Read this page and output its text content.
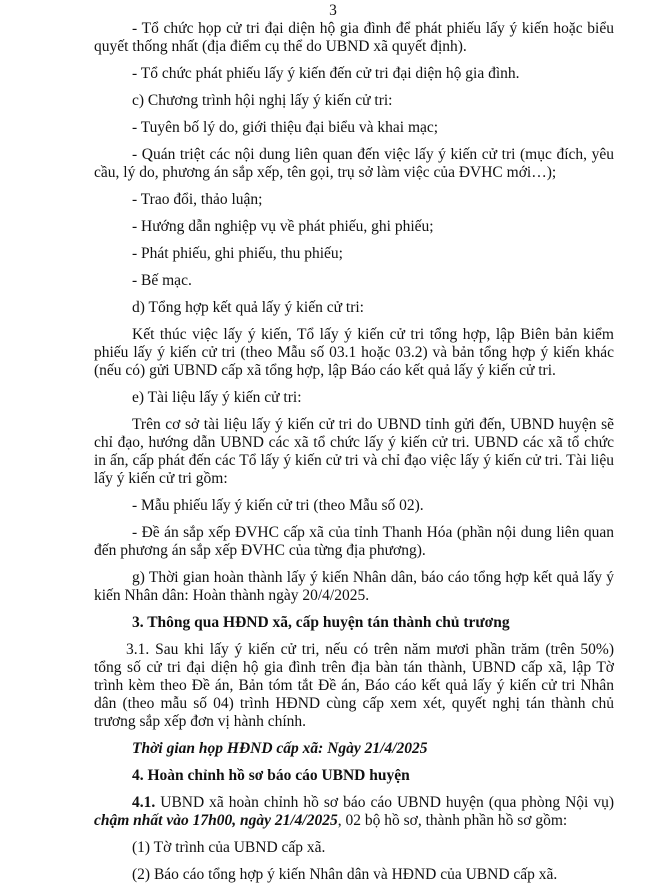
3

- Tổ chức họp cử tri đại diện hộ gia đình để phát phiếu lấy ý kiến hoặc biểu quyết thống nhất (địa điểm cụ thể do UBND xã quyết định).

- Tổ chức phát phiếu lấy ý kiến đến cử tri đại diện hộ gia đình.

c) Chương trình hội nghị lấy ý kiến cử tri:

- Tuyên bố lý do, giới thiệu đại biểu và khai mạc;

- Quán triệt các nội dung liên quan đến việc lấy ý kiến cử tri (mục đích, yêu cầu, lý do, phương án sắp xếp, tên gọi, trụ sở làm việc của ĐVHC mới…);

- Trao đổi, thảo luận;

- Hướng dẫn nghiệp vụ về phát phiếu, ghi phiếu;

- Phát phiếu, ghi phiếu, thu phiếu;

- Bế mạc.

d) Tổng hợp kết quả lấy ý kiến cử tri:

Kết thúc việc lấy ý kiến, Tổ lấy ý kiến cử tri tổng hợp, lập Biên bản kiểm phiếu lấy ý kiến cử tri (theo Mẫu số 03.1 hoặc 03.2) và bản tổng hợp ý kiến khác (nếu có) gửi UBND cấp xã tổng hợp, lập Báo cáo kết quả lấy ý kiến cử tri.

e) Tài liệu lấy ý kiến cử tri:

Trên cơ sở tài liệu lấy ý kiến cử tri do UBND tỉnh gửi đến, UBND huyện sẽ chỉ đạo, hướng dẫn UBND các xã tổ chức lấy ý kiến cử tri. UBND các xã tổ chức in ấn, cấp phát đến các Tổ lấy ý kiến cử tri và chỉ đạo việc lấy ý kiến cử tri. Tài liệu lấy ý kiến cử tri gồm:

- Mẫu phiếu lấy ý kiến cử tri (theo Mẫu số 02).

- Đề án sắp xếp ĐVHC cấp xã của tỉnh Thanh Hóa (phần nội dung liên quan đến phương án sắp xếp ĐVHC của từng địa phương).

g) Thời gian hoàn thành lấy ý kiến Nhân dân, báo cáo tổng hợp kết quả lấy ý kiến Nhân dân: Hoàn thành ngày 20/4/2025.

3. Thông qua HĐND xã, cấp huyện tán thành chủ trương

3.1. Sau khi lấy ý kiến cử tri, nếu có trên năm mươi phần trăm (trên 50%) tổng số cử tri đại diện hộ gia đình trên địa bàn tán thành, UBND cấp xã, lập Tờ trình kèm theo Đề án, Bản tóm tắt Đề án, Báo cáo kết quả lấy ý kiến cử tri Nhân dân (theo mẫu số 04) trình HĐND cùng cấp xem xét, quyết nghị tán thành chủ trương sắp xếp đơn vị hành chính.

Thời gian họp HĐND cấp xã: Ngày 21/4/2025

4. Hoàn chỉnh hồ sơ báo cáo UBND huyện

4.1. UBND xã hoàn chỉnh hồ sơ báo cáo UBND huyện (qua phòng Nội vụ) chậm nhất vào 17h00, ngày 21/4/2025, 02 bộ hồ sơ, thành phần hồ sơ gồm:

(1) Tờ trình của UBND cấp xã.

(2) Báo cáo tổng hợp ý kiến Nhân dân và HĐND của UBND cấp xã.
